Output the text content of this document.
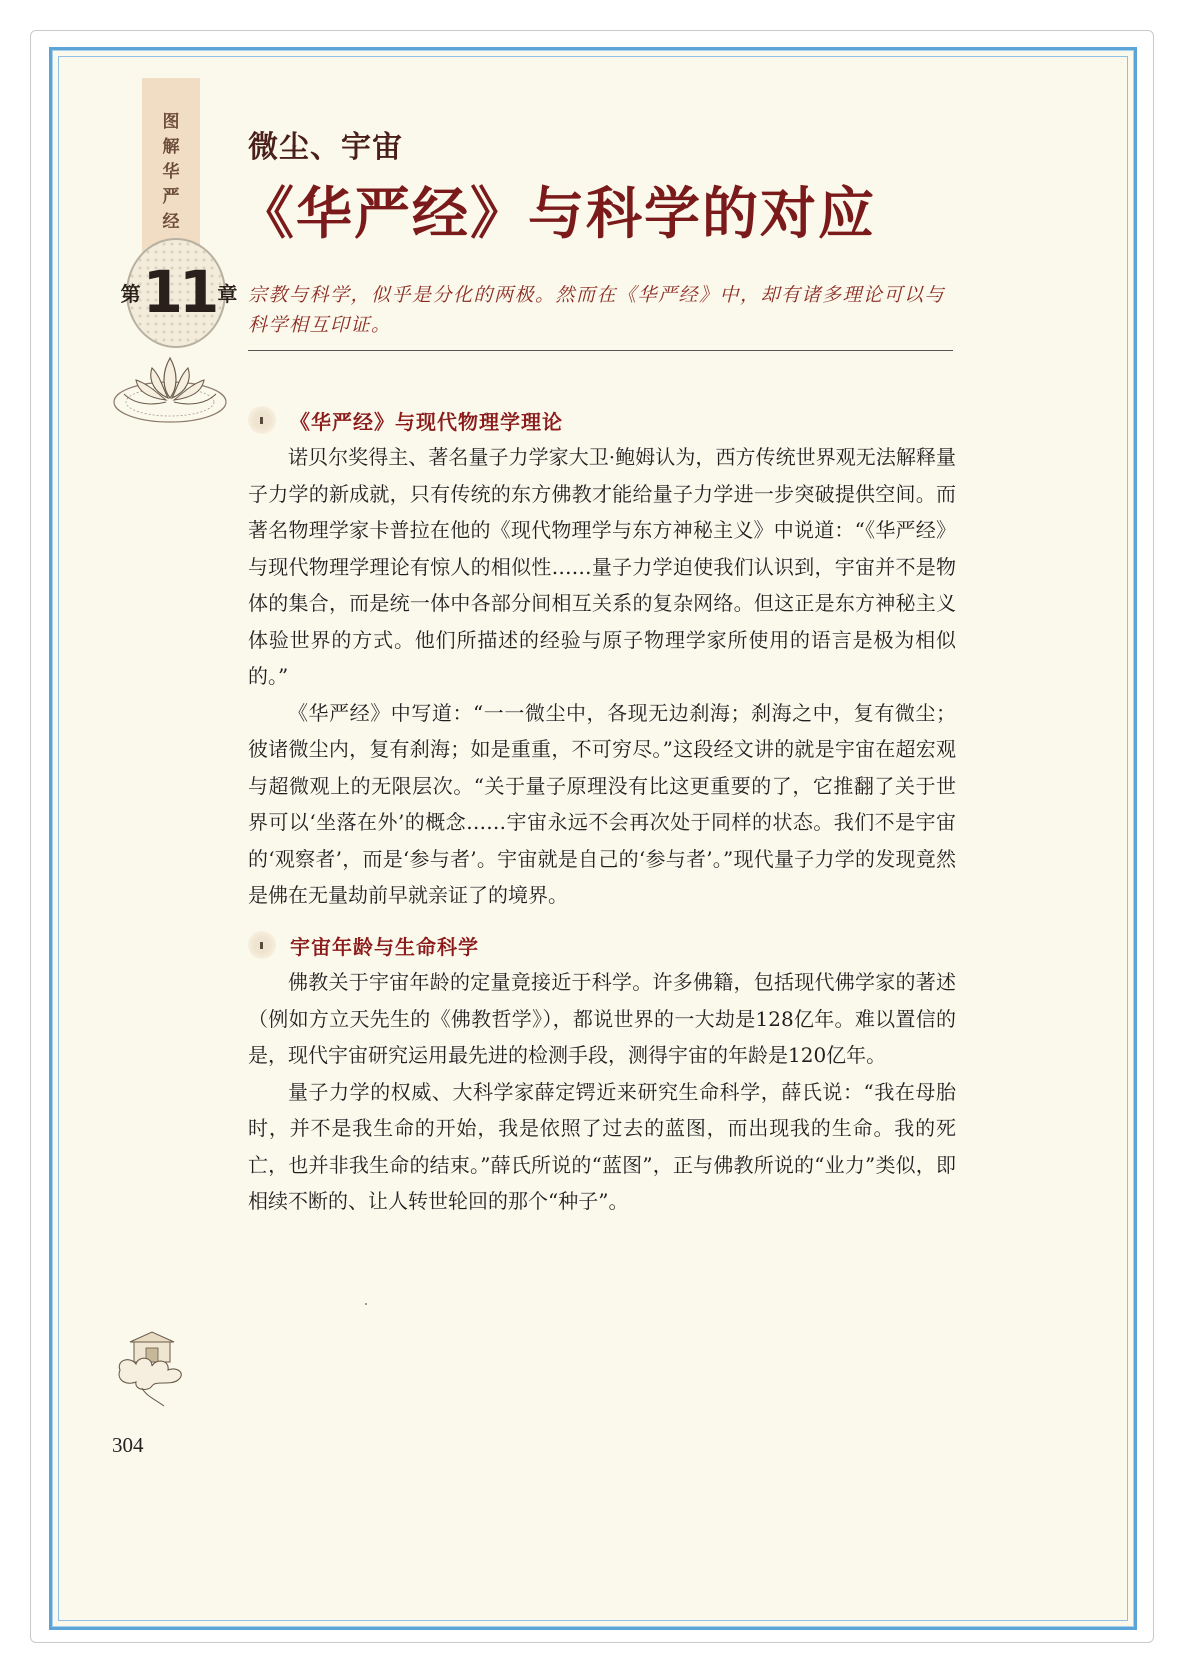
图
解
华
严
经
第 11 章
微尘、宇宙
《华严经》与科学的对应
宗教与科学，似乎是分化的两极。然而在《华严经》中，却有诸多理论可以与科学相互印证。
《华严经》与现代物理学理论

诺贝尔奖得主、著名量子力学家大卫·鲍姆认为，西方传统世界观无法解释量子力学的新成就，只有传统的东方佛教才能给量子力学进一步突破提供空间。而著名物理学家卡普拉在他的《现代物理学与东方神秘主义》中说道：“《华严经》与现代物理学理论有惊人的相似性……量子力学迫使我们认识到，宇宙并不是物体的集合，而是统一体中各部分间相互关系的复杂网络。但这正是东方神秘主义体验世界的方式。他们所描述的经验与原子物理学家所使用的语言是极为相似的。”

《华严经》中写道：“一一微尘中，各现无边刹海；刹海之中，复有微尘；彼诸微尘内，复有刹海；如是重重，不可穷尽。”这段经文讲的就是宇宙在超宏观与超微观上的无限层次。“关于量子原理没有比这更重要的了，它推翻了关于世界可以‘坐落在外’的概念……宇宙永远不会再次处于同样的状态。我们不是宇宙的‘观察者’，而是‘参与者’。宇宙就是自己的‘参与者’。”现代量子力学的发现竟然是佛在无量劫前早就亲证了的境界。

宇宙年龄与生命科学

佛教关于宇宙年龄的定量竟接近于科学。许多佛籍，包括现代佛学家的著述（例如方立天先生的《佛教哲学》），都说世界的一大劫是128亿年。难以置信的是，现代宇宙研究运用最先进的检测手段，测得宇宙的年龄是120亿年。

量子力学的权威、大科学家薛定锷近来研究生命科学，薛氏说：“我在母胎时，并不是我生命的开始，我是依照了过去的蓝图，而出现我的生命。我的死亡，也并非我生命的结束。”薛氏所说的“蓝图”，正与佛教所说的“业力”类似，即相续不断的、让人转世轮回的那个“种子”。

304
